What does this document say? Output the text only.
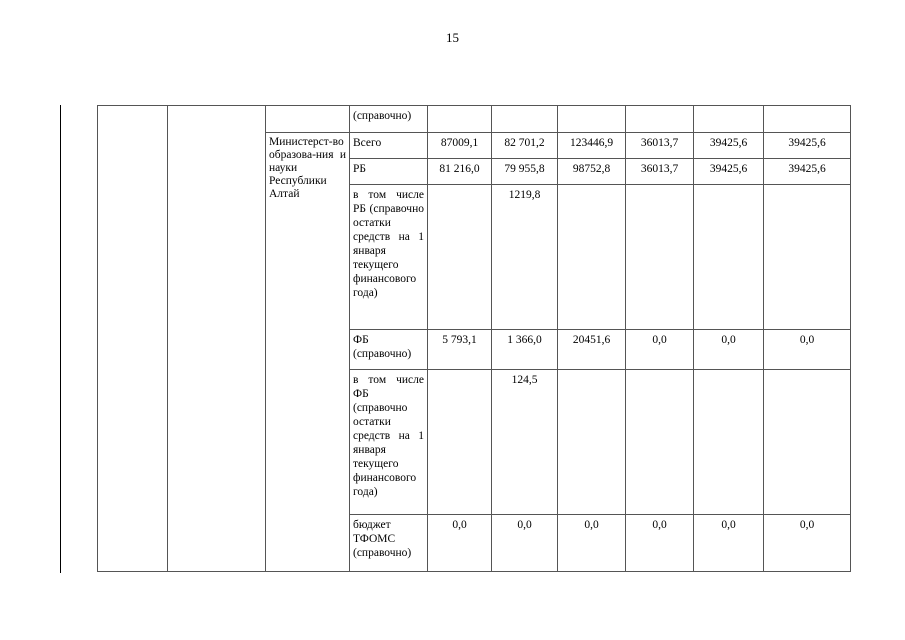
15
			(справочно)						
		Министерст-во образова-ния и науки Республики Алтай	Всего	87009,1	82 701,2	123446,9	36013,7	39425,6	39425,6
			РБ	81 216,0	79 955,8	98752,8	36013,7	39425,6	39425,6
			в том числе РБ (справочно остатки средств на 1 января текущего финансового года)		1219,8				
			ФБ (справочно)	5 793,1	1 366,0	20451,6	0,0	0,0	0,0
			в том числе ФБ (справочно остатки средств на 1 января текущего финансового года)		124,5				
			бюджет ТФОМС (справочно)	0,0	0,0	0,0	0,0	0,0	0,0
